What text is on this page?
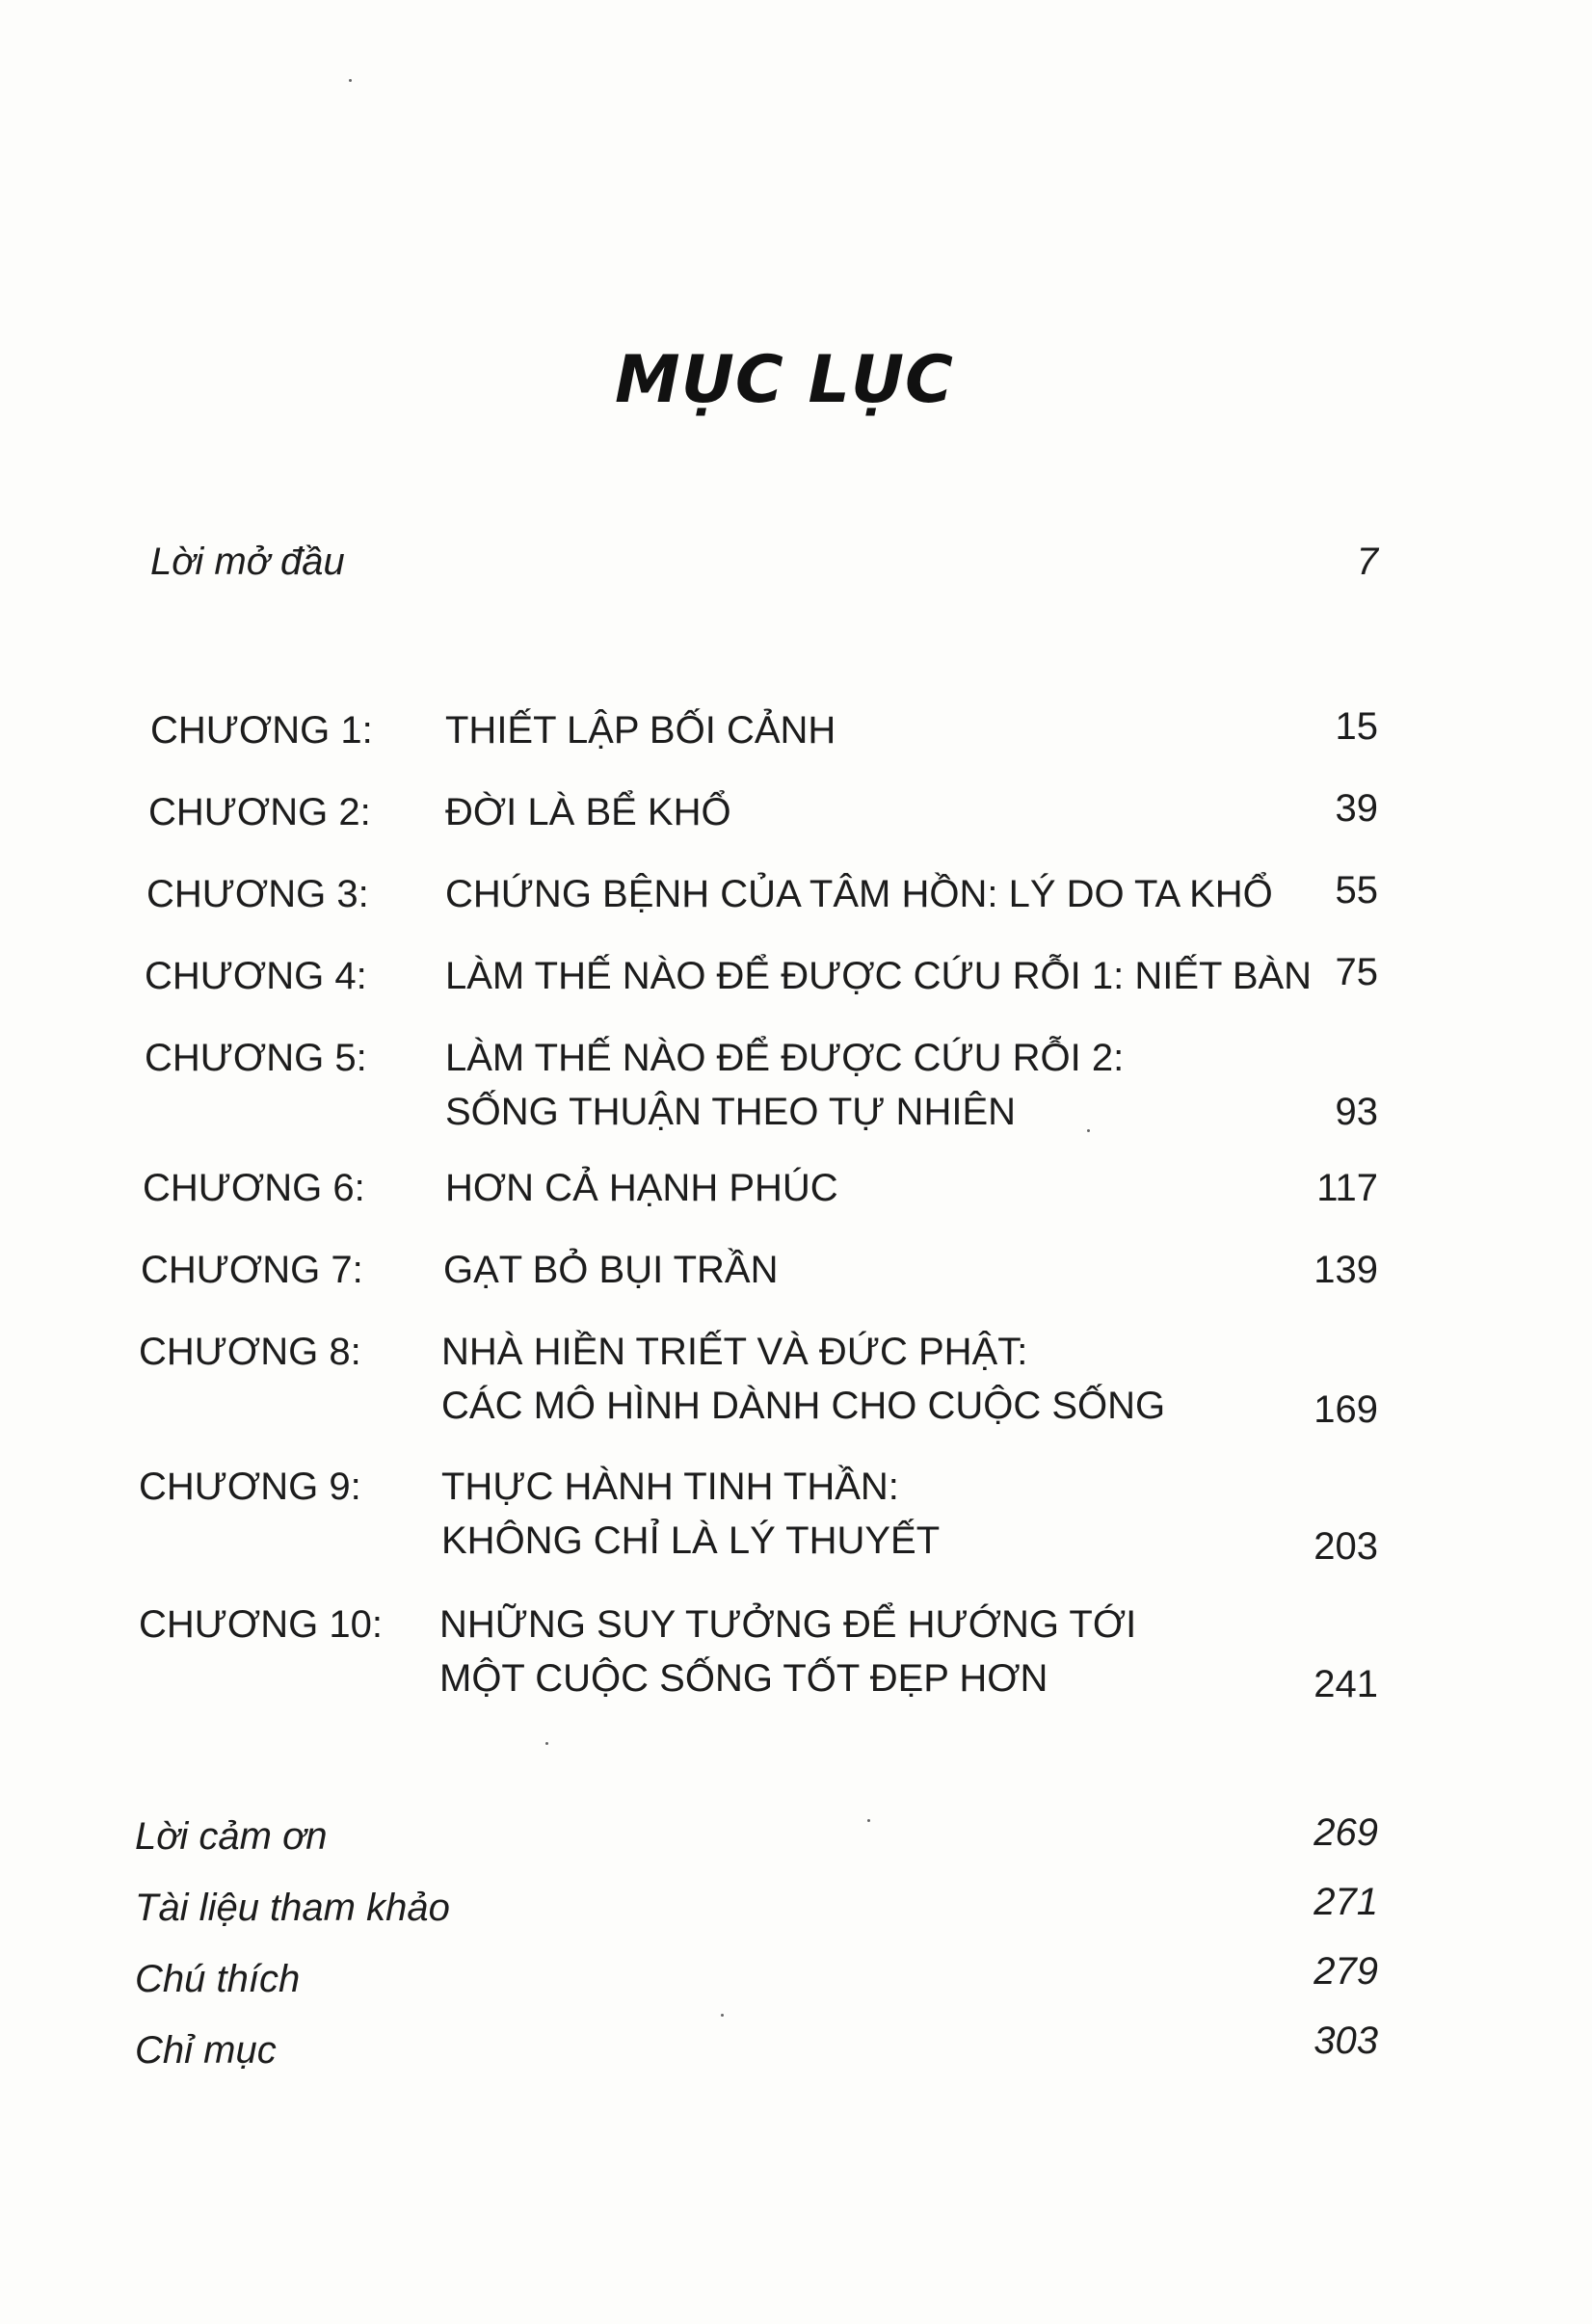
MỤC LỤC
Lời mở đầu	7
CHƯƠNG 1: THIẾT LẬP BỐI CẢNH	15
CHƯƠNG 2: ĐỜI LÀ BỂ KHỔ	39
CHƯƠNG 3: CHỨNG BỆNH CỦA TÂM HỒN: LÝ DO TA KHỔ 55
CHƯƠNG 4: LÀM THẾ NÀO ĐỂ ĐƯỢC CỨU RỖI 1: NIẾT BÀN 75
CHƯƠNG 5: LÀM THẾ NÀO ĐỂ ĐƯỢC CỨU RỖI 2:
SỐNG THUẬN THEO TỰ NHIÊN	93
CHƯƠNG 6: HƠN CẢ HẠNH PHÚC	117
CHƯƠNG 7: GẠT BỎ BỤI TRẦN	139
CHƯƠNG 8: NHÀ HIỀN TRIẾT VÀ ĐỨC PHẬT:
CÁC MÔ HÌNH DÀNH CHO CUỘC SỐNG	169
CHƯƠNG 9: THỰC HÀNH TINH THẦN:
KHÔNG CHỈ LÀ LÝ THUYẾT	203
CHƯƠNG 10: NHỮNG SUY TƯỞNG ĐỂ HƯỚNG TỚI
MỘT CUỘC SỐNG TỐT ĐẸP HƠN	241
Lời cảm ơn	269
Tài liệu tham khảo	271
Chú thích	279
Chỉ mục	303
